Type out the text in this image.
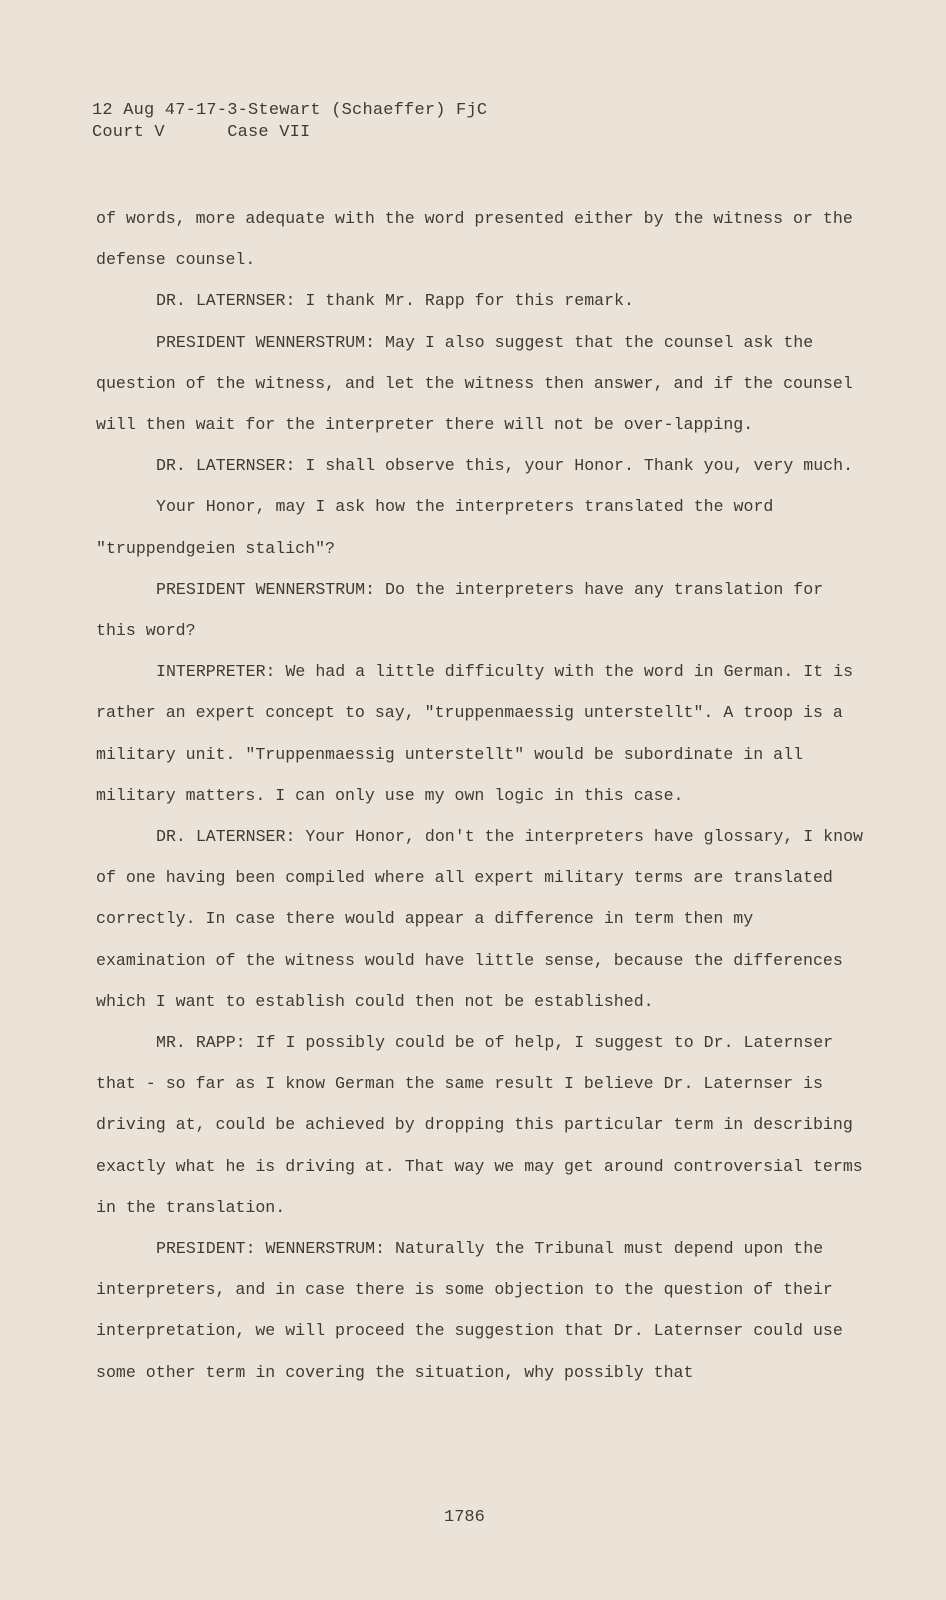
12 Aug 47-17-3-Stewart (Schaeffer) FjC
Court V      Case VII

of words, more adequate with the word presented either by the witness or the defense counsel.

DR. LATERNSER: I thank Mr. Rapp for this remark.

PRESIDENT WENNERSTRUM: May I also suggest that the counsel ask the question of the witness, and let the witness then answer, and if the counsel will then wait for the interpreter there will not be over-lapping.

DR. LATERNSER: I shall observe this, your Honor. Thank you, very much.

Your Honor, may I ask how the interpreters translated the word "truppendgeien stalich"?

PRESIDENT WENNERSTRUM: Do the interpreters have any translation for this word?

INTERPRETER: We had a little difficulty with the word in German. It is rather an expert concept to say, "truppenmaessig unterstellt". A troop is a military unit. "Truppenmaessig unterstellt" would be subordinate in all military matters. I can only use my own logic in this case.

DR. LATERNSER: Your Honor, don't the interpreters have glossary, I know of one having been compiled where all expert military terms are translated correctly. In case there would appear a difference in term then my examination of the witness would have little sense, because the differences which I want to establish could then not be established.

MR. RAPP: If I possibly could be of help, I suggest to Dr. Laternser that - so far as I know German the same result I believe Dr. Laternser is driving at, could be achieved by dropping this particular term in describing exactly what he is driving at. That way we may get around controversial terms in the translation.

PRESIDENT: WENNERSTRUM: Naturally the Tribunal must depend upon the interpreters, and in case there is some objection to the question of their interpretation, we will proceed the suggestion that Dr. Laternser could use some other term in covering the situation, why possibly that

1786
